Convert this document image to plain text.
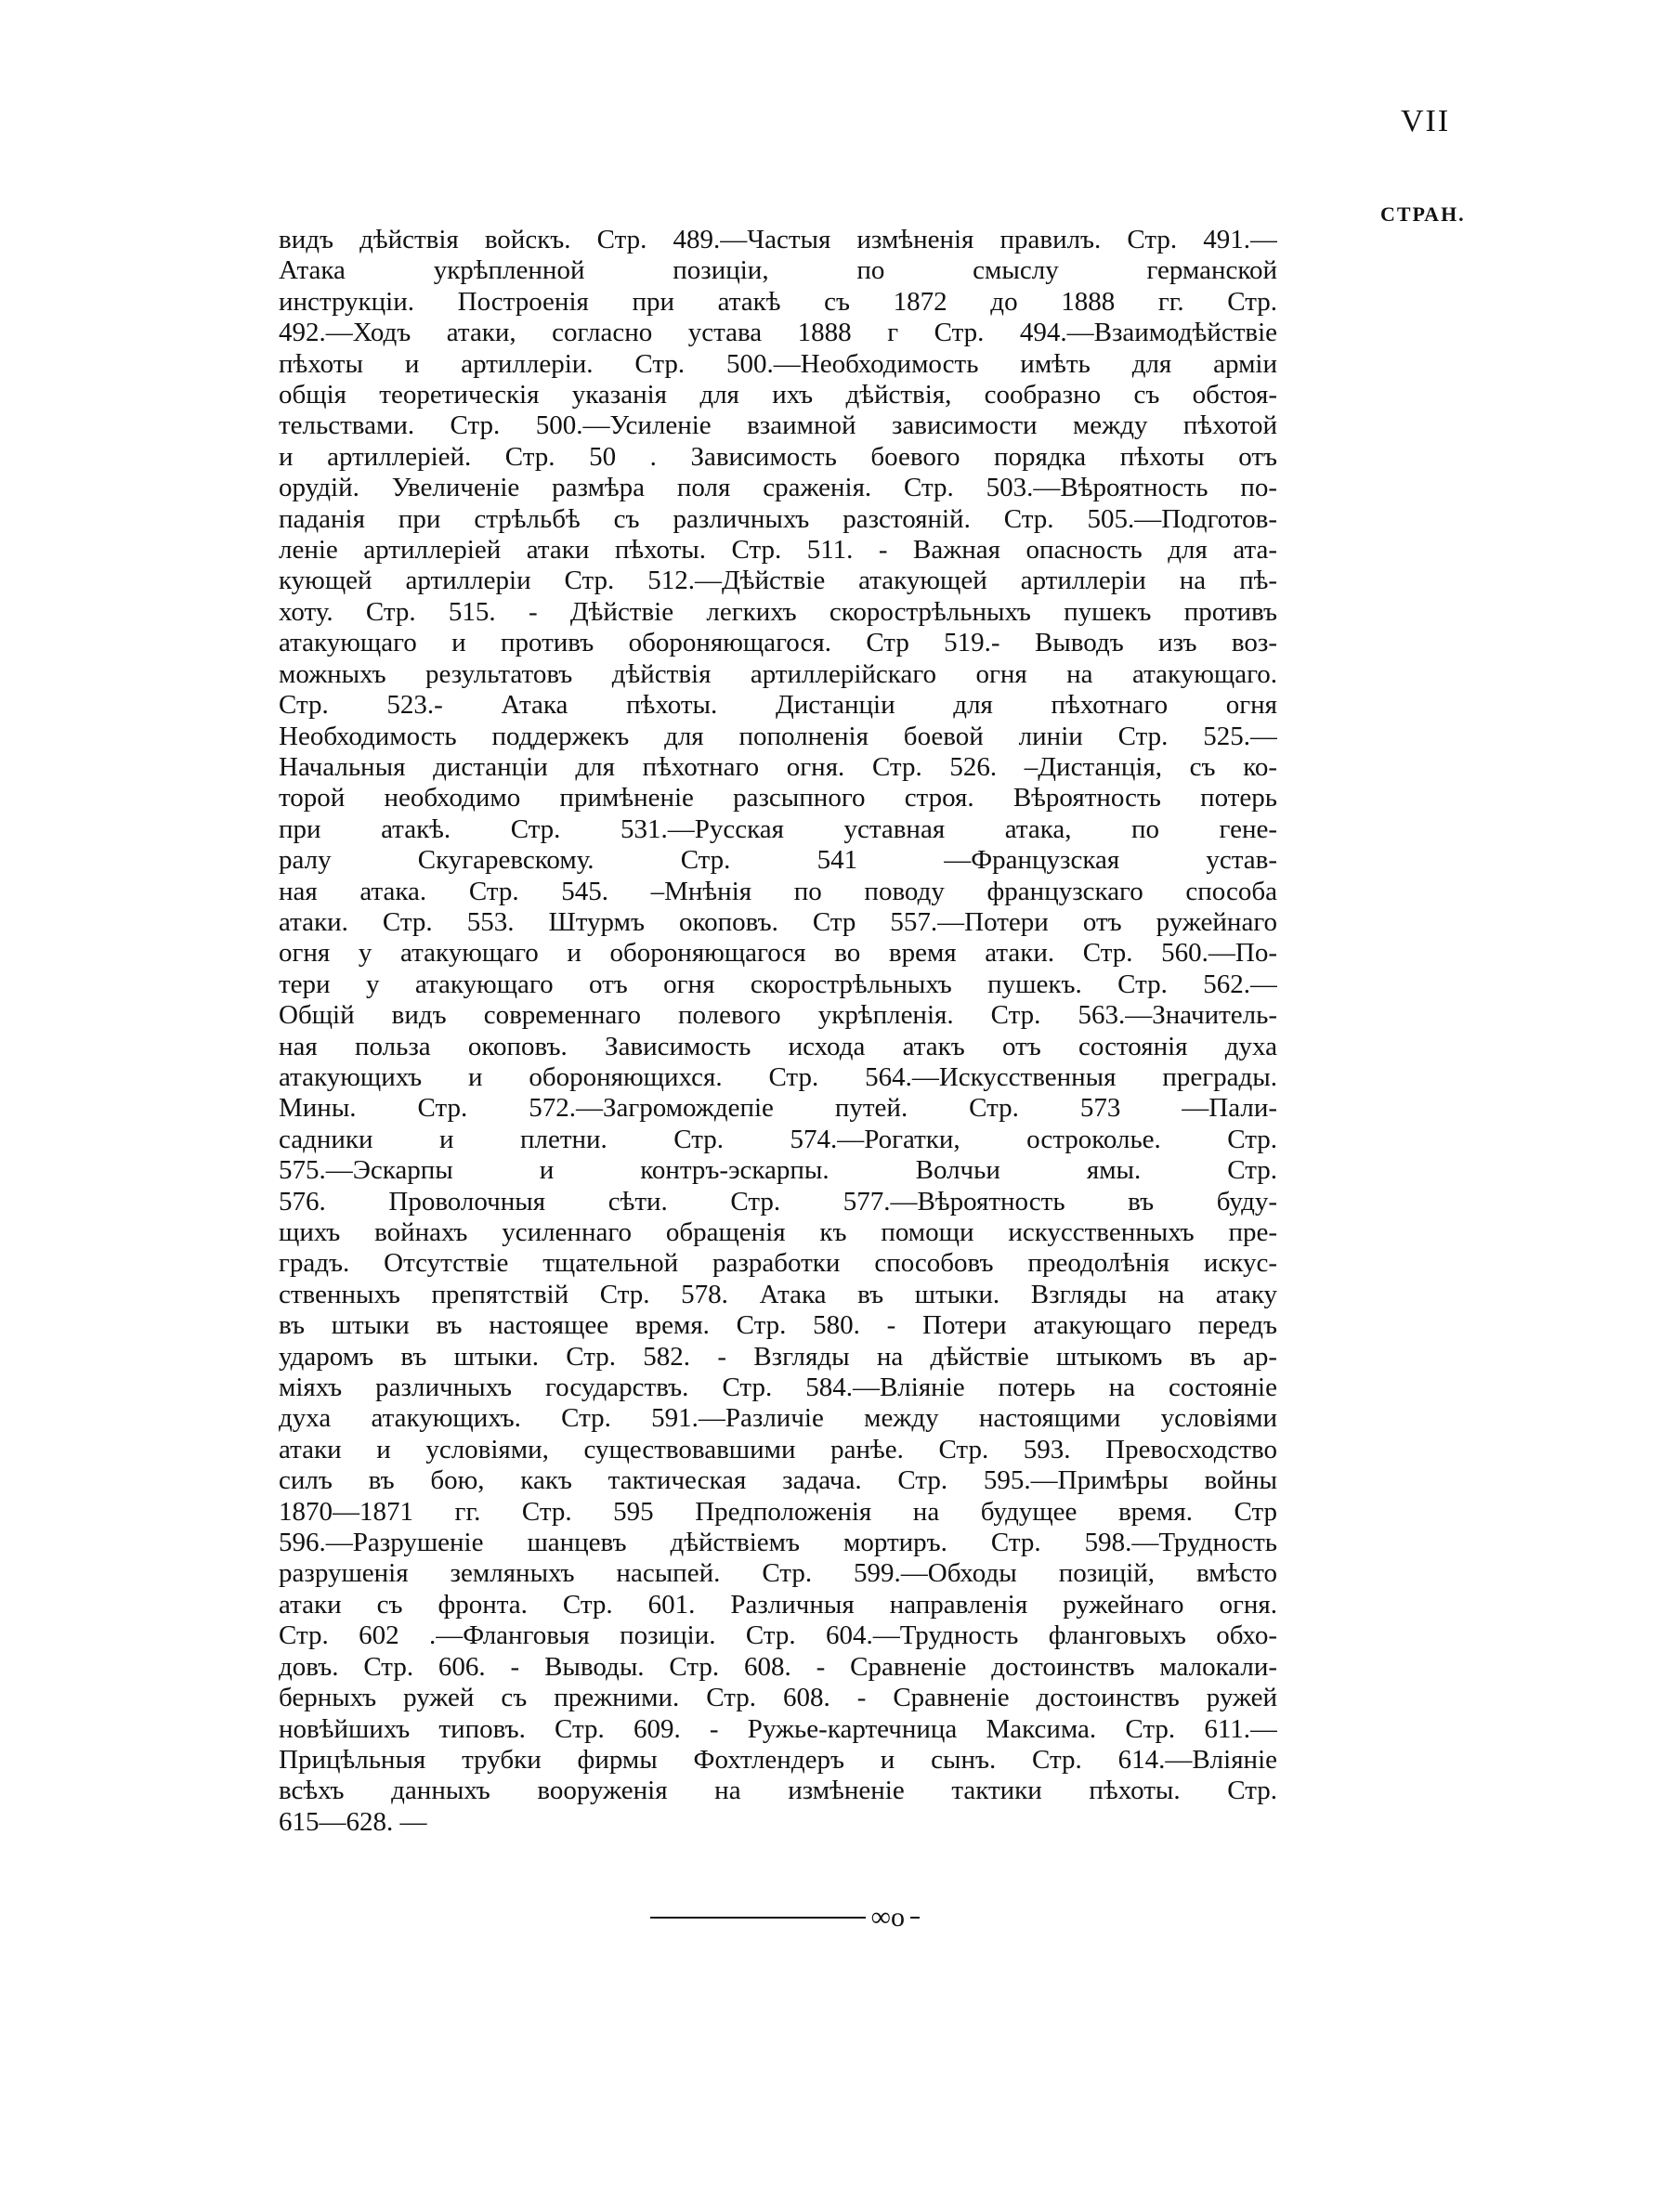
VII
СТРАН.
видъ дѣйствія войскъ. Стр. 489.—Частыя измѣненія правилъ. Стр. 491.—
Атака укрѣпленной позиціи, по смыслу германской
инструкціи. Построенія при атакѣ съ 1872 до 1888 гг. Стр.
492.—Ходъ атаки, согласно устава 1888 г Стр. 494.—Взаимодѣйствіе
пѣхоты и артиллеріи. Стр. 500.—Необходимость имѣть для арміи
общія теоретическія указанія для ихъ дѣйствія, сообразно съ обстоя-
тельствами. Стр. 500.—Усиленіе взаимной зависимости между пѣхотой
и артиллеріей. Стр. 50 . Зависимость боевого порядка пѣхоты отъ
орудій. Увеличеніе размѣра поля сраженія. Стр. 503.—Вѣроятность по-
паданія при стрѣльбѣ съ различныхъ разстояній. Стр. 505.—Подготов-
леніе артиллеріей атаки пѣхоты. Стр. 511. - Важная опасность для ата-
кующей артиллеріи Стр. 512.—Дѣйствіе атакующей артиллеріи на пѣ-
хоту. Стр. 515. - Дѣйствіе легкихъ скорострѣльныхъ пушекъ противъ
атакующаго и противъ обороняющагося. Стр 519.- Выводъ изъ воз-
можныхъ результатовъ дѣйствія артиллерійскаго огня на атакующаго.
Стр. 523.- Атака пѣхоты. Дистанціи для пѣхотнаго огня
Необходимость поддержекъ для пополненія боевой линіи Стр. 525.—
Начальныя дистанціи для пѣхотнаго огня. Стр. 526. –Дистанція, съ ко-
торой необходимо примѣненіе разсыпного строя. Вѣроятность потерь
при атакѣ. Стр. 531.—Русская уставная атака, по гене-
ралу Скугаревскому. Стр. 541 —Французская устав-
ная атака. Стр. 545. –Мнѣнія по поводу французскаго способа
атаки. Стр. 553. Штурмъ окоповъ. Стр 557.—Потери отъ ружейнаго
огня у атакующаго и обороняющагося во время атаки. Стр. 560.—По-
тери у атакующаго отъ огня скорострѣльныхъ пушекъ. Стр. 562.—
Общій видъ современнаго полевого укрѣпленія. Стр. 563.—Значитель-
ная польза окоповъ. Зависимость исхода атакъ отъ состоянія духа
атакующихъ и обороняющихся. Стр. 564.—Искусственныя преграды.
Мины. Стр. 572.—Загромождепіе путей. Стр. 573 —Пали-
садники и плетни. Стр. 574.—Рогатки, остроколье. Стр.
575.—Эскарпы и контръ-эскарпы. Волчьи ямы. Стр.
576. Проволочныя сѣти. Стр. 577.—Вѣроятность въ буду-
щихъ войнахъ усиленнаго обращенія къ помощи искусственныхъ пре-
градъ. Отсутствіе тщательной разработки способовъ преодолѣнія искус-
ственныхъ препятствій Стр. 578. Атака въ штыки. Взгляды на атаку
въ штыки въ настоящее время. Стр. 580. - Потери атакующаго передъ
ударомъ въ штыки. Стр. 582. - Взгляды на дѣйствіе штыкомъ въ ар-
міяхъ различныхъ государствъ. Стр. 584.—Вліяніе потерь на состояніе
духа атакующихъ. Стр. 591.—Различіе между настоящими условіями
атаки и условіями, существовавшими ранѣе. Стр. 593. Превосходство
силъ въ бою, какъ тактическая задача. Стр. 595.—Примѣры войны
1870—1871 гг. Стр. 595 Предположенія на будущее время. Стр
596.—Разрушеніе шанцевъ дѣйствіемъ мортиръ. Стр. 598.—Трудность
разрушенія земляныхъ насыпей. Стр. 599.—Обходы позицій, вмѣсто
атаки съ фронта. Стр. 601. Различныя направленія ружейнаго огня.
Стр. 602 .—Фланговыя позиціи. Стр. 604.—Трудность фланговыхъ обхо-
довъ. Стр. 606. - Выводы. Стр. 608. - Сравненіе достоинствъ малокали-
берныхъ ружей съ прежними. Стр. 608. - Сравненіе достоинствъ ружей
новѣйшихъ типовъ. Стр. 609. - Ружье-картечница Максима. Стр. 611.—
Прицѣльныя трубки фирмы Фохтлендеръ и сынъ. Стр. 614.—Вліяніе
всѣхъ данныхъ вооруженія на измѣненіе тактики пѣхоты. Стр.
615—628. —
∞o
